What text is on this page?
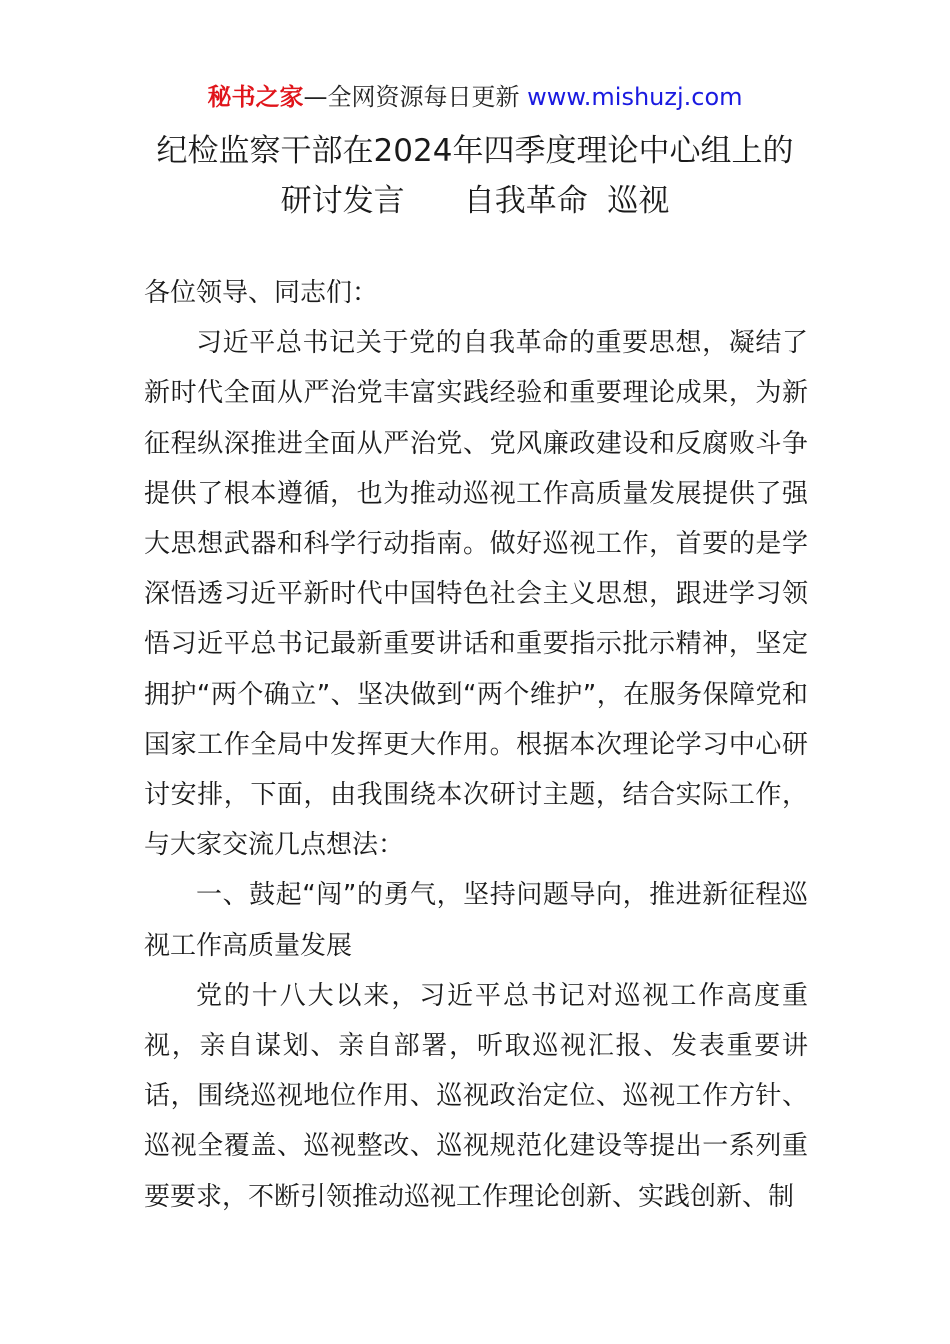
秘书之家—全网资源每日更新 www.mishuzj.com
纪检监察干部在2024年四季度理论中心组上的
研讨发言      自我革命  巡视

各位领导、同志们：

习近平总书记关于党的自我革命的重要思想，凝结了新时代全面从严治党丰富实践经验和重要理论成果，为新征程纵深推进全面从严治党、党风廉政建设和反腐败斗争提供了根本遵循，也为推动巡视工作高质量发展提供了强大思想武器和科学行动指南。做好巡视工作，首要的是学深悟透习近平新时代中国特色社会主义思想，跟进学习领悟习近平总书记最新重要讲话和重要指示批示精神，坚定拥护“两个确立”、坚决做到“两个维护”，在服务保障党和国家工作全局中发挥更大作用。根据本次理论学习中心研讨安排，下面，由我围绕本次研讨主题，结合实际工作，与大家交流几点想法：

一、鼓起“闯”的勇气，坚持问题导向，推进新征程巡视工作高质量发展

党的十八大以来，习近平总书记对巡视工作高度重视，亲自谋划、亲自部署，听取巡视汇报、发表重要讲话，围绕巡视地位作用、巡视政治定位、巡视工作方针、巡视全覆盖、巡视整改、巡视规范化建设等提出一系列重要要求，不断引领推动巡视工作理论创新、实践创新、制
